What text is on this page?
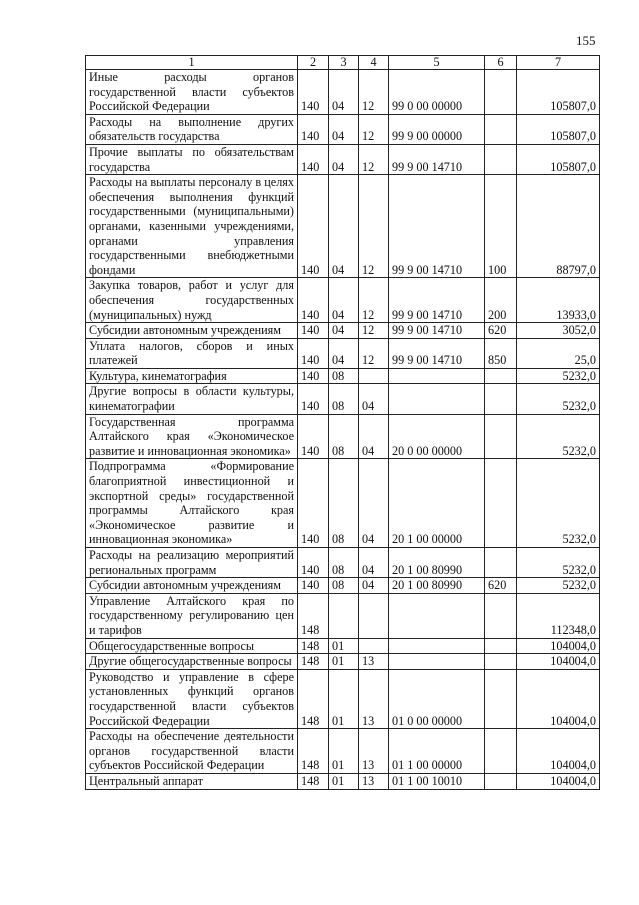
155
1	2	3	4	5	6	7
Иные расходы органов государственной власти субъектов Российской Федерации	140	04	12	99 0 00 00000		105807,0
Расходы на выполнение других обязательств государства	140	04	12	99 9 00 00000		105807,0
Прочие выплаты по обязательствам государства	140	04	12	99 9 00 14710		105807,0
Расходы на выплаты персоналу в целях обеспечения выполнения функций государственными (муниципальными) органами, казенными учреждениями, органами управления государственными внебюджетными фондами	140	04	12	99 9 00 14710	100	88797,0
Закупка товаров, работ и услуг для обеспечения государственных (муниципальных) нужд	140	04	12	99 9 00 14710	200	13933,0
Субсидии автономным учреждениям	140	04	12	99 9 00 14710	620	3052,0
Уплата налогов, сборов и иных платежей	140	04	12	99 9 00 14710	850	25,0
Культура, кинематография	140	08				5232,0
Другие вопросы в области культуры, кинематографии	140	08	04			5232,0
Государственная программа Алтайского края «Экономическое развитие и инновационная экономика»	140	08	04	20 0 00 00000		5232,0
Подпрограмма «Формирование благоприятной инвестиционной и экспортной среды» государственной программы Алтайского края «Экономическое развитие и инновационная экономика»	140	08	04	20 1 00 00000		5232,0
Расходы на реализацию мероприятий региональных программ	140	08	04	20 1 00 80990		5232,0
Субсидии автономным учреждениям	140	08	04	20 1 00 80990	620	5232,0
Управление Алтайского края по государственному регулированию цен и тарифов	148					112348,0
Общегосударственные вопросы	148	01				104004,0
Другие общегосударственные вопросы	148	01	13			104004,0
Руководство и управление в сфере установленных функций органов государственной власти субъектов Российской Федерации	148	01	13	01 0 00 00000		104004,0
Расходы на обеспечение деятельности органов государственной власти субъектов Российской Федерации	148	01	13	01 1 00 00000		104004,0
Центральный аппарат	148	01	13	01 1 00 10010		104004,0
